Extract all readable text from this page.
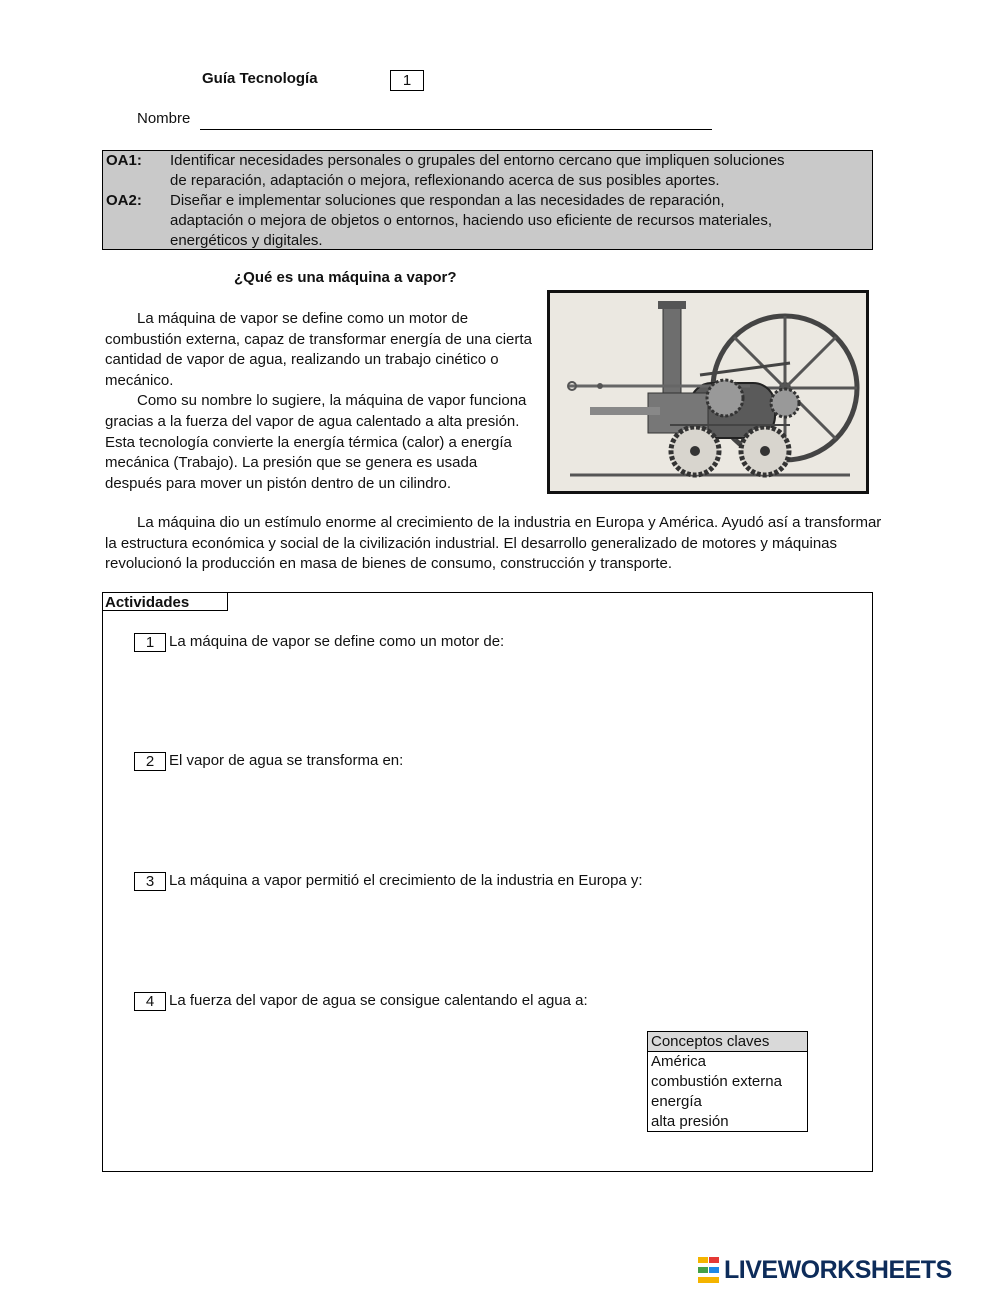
Guía Tecnología	1
Nombre
OA1:	Identificar necesidades personales o grupales del entorno cercano que impliquen soluciones
de reparación, adaptación o mejora, reflexionando acerca de sus posibles aportes.
OA2:	Diseñar e implementar soluciones que respondan a las necesidades de reparación,
adaptación o mejora de objetos o entornos, haciendo uso eficiente de recursos materiales,
energéticos y digitales.
¿Qué es una máquina a vapor?

La máquina de vapor se define como un motor de combustión externa, capaz de transformar energía de una cierta cantidad de vapor de agua, realizando un trabajo cinético o mecánico.

Como su nombre lo sugiere, la máquina de vapor funciona gracias a la fuerza del vapor de agua calentado a alta presión. Esta tecnología convierte la energía térmica (calor) a energía mecánica (Trabajo). La presión que se genera es usada después para mover un pistón dentro de un cilindro.

La máquina dio un estímulo enorme al crecimiento de la industria en Europa y América. Ayudó así a transformar la estructura económica y social de la civilización industrial. El desarrollo generalizado de motores y máquinas revolucionó la producción en masa de bienes de consumo, construcción y transporte.

Actividades
1 La máquina de vapor se define como un motor de:
2 El vapor de agua se transforma en:
3 La máquina a vapor permitió el crecimiento de la industria en Europa y:
4 La fuerza del vapor de agua se consigue calentando el agua a:
Conceptos claves
América
combustión externa
energía
alta presión
LIVEWORKSHEETS
